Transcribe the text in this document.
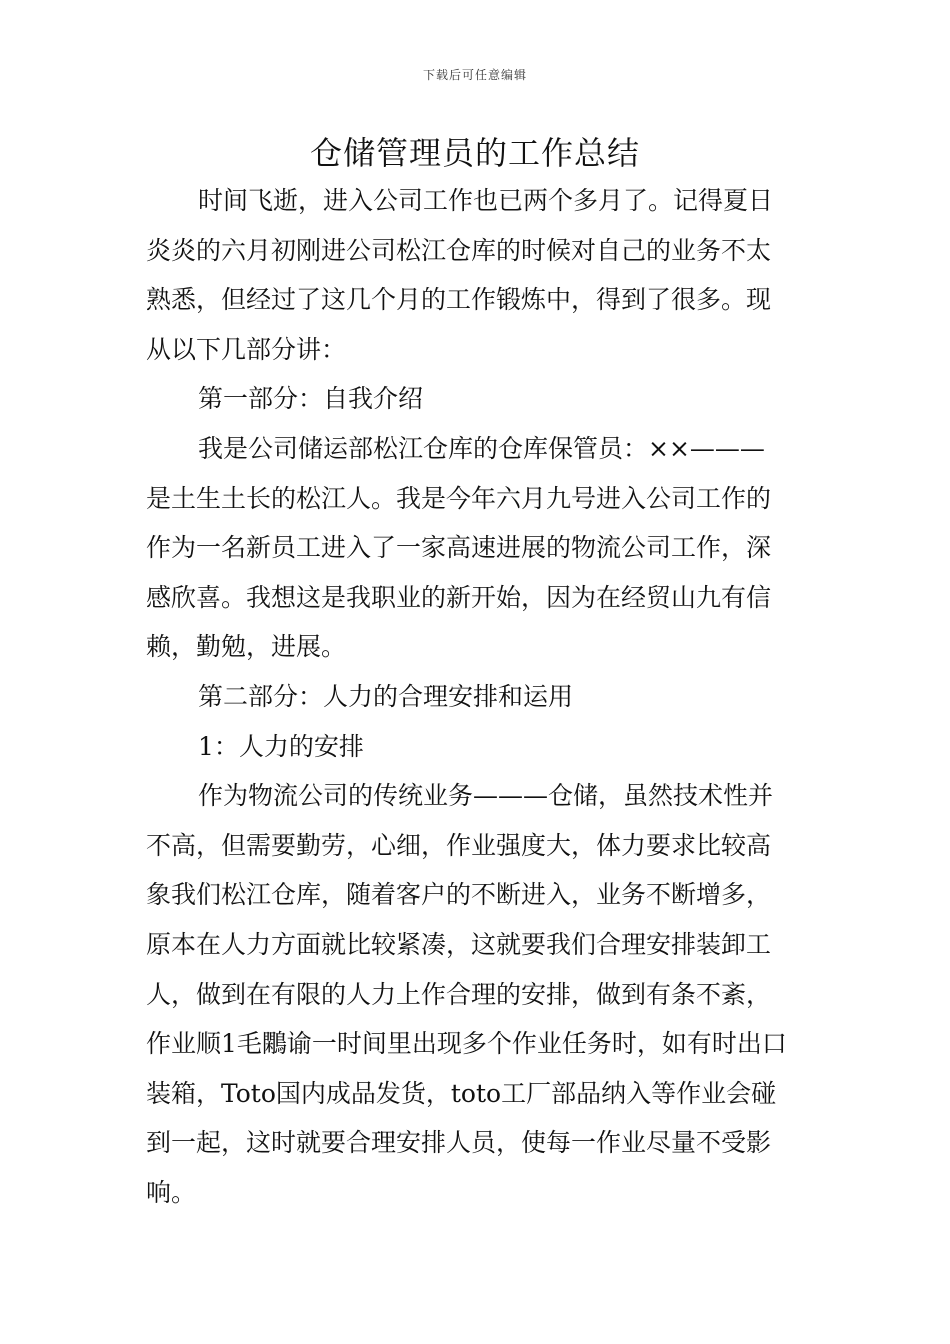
下载后可任意编辑
仓储管理员的工作总结
时间飞逝，进入公司工作也已两个多月了。记得夏日
炎炎的六月初刚进公司松江仓库的时候对自己的业务不太
熟悉，但经过了这几个月的工作锻炼中，得到了很多。现
从以下几部分讲：
第一部分：自我介绍
我是公司储运部松江仓库的仓库保管员：××———
是土生土长的松江人。我是今年六月九号进入公司工作的
作为一名新员工进入了一家高速进展的物流公司工作，深
感欣喜。我想这是我职业的新开始，因为在经贸山九有信
赖，勤勉，进展。
第二部分：人力的合理安排和运用
1：人力的安排
作为物流公司的传统业务———仓储，虽然技术性并
不高，但需要勤劳，心细，作业强度大，体力要求比较高
象我们松江仓库，随着客户的不断进入，业务不断增多，
原本在人力方面就比较紧凑，这就要我们合理安排装卸工
人，做到在有限的人力上作合理的安排，做到有条不紊，
作业顺1毛鷴谕一时间里出现多个作业任务时，如有时出口
装箱，Toto国内成品发货，toto工厂部品纳入等作业会碰
到一起，这时就要合理安排人员，使每一作业尽量不受影
响。
